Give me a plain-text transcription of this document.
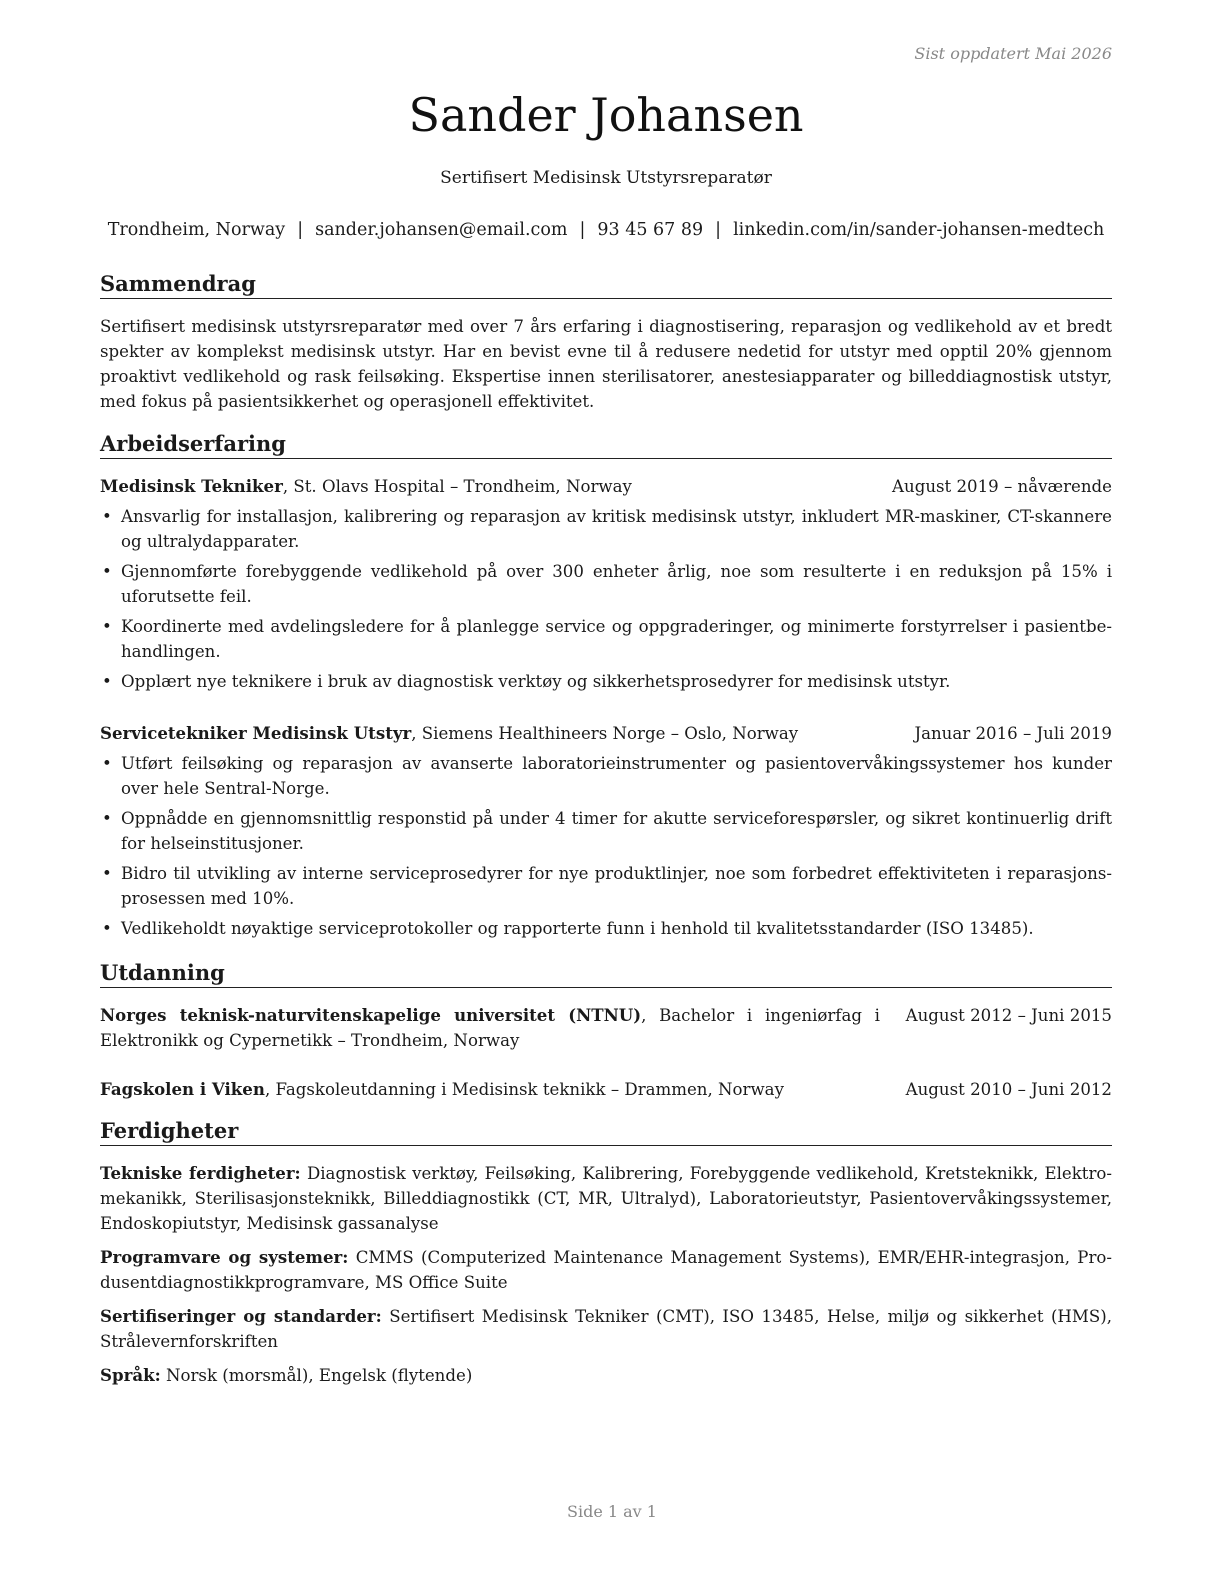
Sist oppdatert Mai 2026
Sander Johansen
Sertifisert Medisinsk Utstyrsreparatør
Trondheim, Norway | sander.johansen@email.com | 93 45 67 89 | linkedin.com/in/sander-johansen-medtech
Sammendrag
Sertifisert medisinsk utstyrsreparatør med over 7 års erfaring i diagnostisering, reparasjon og vedlikehold av et bredt spekter av komplekst medisinsk utstyr. Har en bevist evne til å redusere nedetid for utstyr med opptil 20% gjennom proaktivt vedlikehold og rask feilsøking. Ekspertise innen sterilisatorer, anestesiapparater og billeddiagnostisk utstyr, med fokus på pasientsikkerhet og operasjonell effektivitet.
Arbeidserfaring
Medisinsk Tekniker, St. Olavs Hospital – Trondheim, Norway	August 2019 – nåværende
• Ansvarlig for installasjon, kalibrering og reparasjon av kritisk medisinsk utstyr, inkludert MR-maskiner, CT-skannere og ultralydapparater.
• Gjennomførte forebyggende vedlikehold på over 300 enheter årlig, noe som resulterte i en reduksjon på 15% i uforutsette feil.
• Koordinerte med avdelingsledere for å planlegge service og oppgraderinger, og minimerte forstyrrelser i pasientbehandlingen.
• Opplært nye teknikere i bruk av diagnostisk verktøy og sikkerhetsprosedyrer for medisinsk utstyr.
Servicetekniker Medisinsk Utstyr, Siemens Healthineers Norge – Oslo, Norway	Januar 2016 – Juli 2019
• Utført feilsøking og reparasjon av avanserte laboratorieinstrumenter og pasientovervåkingssystemer hos kunder over hele Sentral-Norge.
• Oppnådde en gjennomsnittlig responstid på under 4 timer for akutte serviceforespørsler, og sikret kontinuerlig drift for helseinstitusjoner.
• Bidro til utvikling av interne serviceprosedyrer for nye produktlinjer, noe som forbedret effektiviteten i reparasjonsprosessen med 10%.
• Vedlikeholdt nøyaktige serviceprotokoller og rapporterte funn i henhold til kvalitetsstandarder (ISO 13485).
Utdanning
Norges teknisk-naturvitenskapelige universitet (NTNU), Bachelor i ingeniørfag i Elektronikk og Cypernetikk – Trondheim, Norway
August 2012 – Juni 2015
Fagskolen i Viken, Fagskoleutdanning i Medisinsk teknikk – Drammen, Norway	August 2010 – Juni 2012
Ferdigheter
Tekniske ferdigheter: Diagnostisk verktøy, Feilsøking, Kalibrering, Forebyggende vedlikehold, Kretsteknikk, Elektromekanikk, Sterilisasjonsteknikk, Billeddiagnostikk (CT, MR, Ultralyd), Laboratorieutstyr, Pasientovervåkingssystemer, Endoskopiutstyr, Medisinsk gassanalyse
Programvare og systemer: CMMS (Computerized Maintenance Management Systems), EMR/EHR-integrasjon, Produsentdiagnostikkprogramvare, MS Office Suite
Sertifiseringer og standarder: Sertifisert Medisinsk Tekniker (CMT), ISO 13485, Helse, miljø og sikkerhet (HMS), Strålevernforskriften
Språk: Norsk (morsmål), Engelsk (flytende)
Side 1 av 1
